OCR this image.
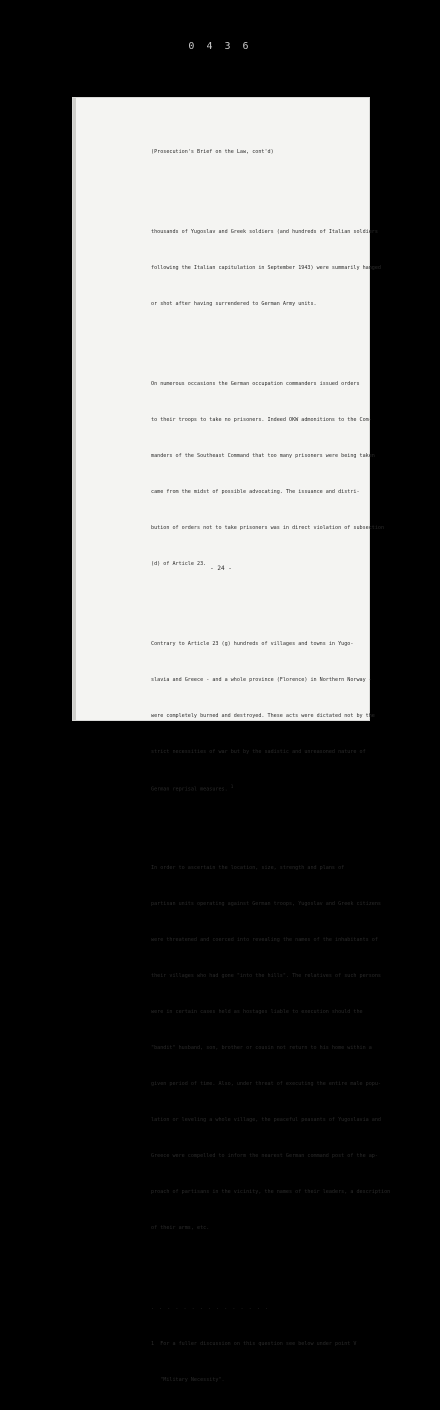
0 4 3 6

(Prosecution's Brief on the Law, cont'd)

thousands of Yugoslav and Greek soldiers (and hundreds of Italian soldiers

following the Italian capitulation in September 1943) were summarily hanged

or shot after having surrendered to German Army units.

On numerous occasions the German occupation commanders issued orders

to their troops to take no prisoners. Indeed OKW admonitions to the Com-

manders of the Southeast Command that too many prisoners were being taken

came from the midst of possible advocating. The issuance and distri-

bution of orders not to take prisoners was in direct violation of subsection

(d) of Article 23.

Contrary to Article 23 (g) hundreds of villages and towns in Yugo-

slavia and Greece - and a whole province (Florence) in Northern Norway -

were completely burned and destroyed. These acts were dictated not by the

strict necessities of war but by the sadistic and unreasoned nature of

German reprisal measures. $^1$

In order to ascertain the location, size, strength and plans of

partisan units operating against German troops, Yugoslav and Greek citizens

were threatened and coerced into revealing the names of the inhabitants of

their villages who had gone "into the hills". The relatives of such persons

were in certain cases held as hostages liable to execution should the

"bandit" husband, son, brother or cousin not return to his home within a

given period of time. Also, under threat of executing the entire male popu-

lation or leveling a whole village, the peaceful peasants of Yugoslavia and

Greece were compelled to inform the nearest German command post of the ap-

proach of partisans in the vicinity, the names of their leaders, a description

of their arms, etc.

. . . . . . . . . . . . . . .

1  For a fuller discussion on this question see below under point V

"Military Necessity".

- 24 -
